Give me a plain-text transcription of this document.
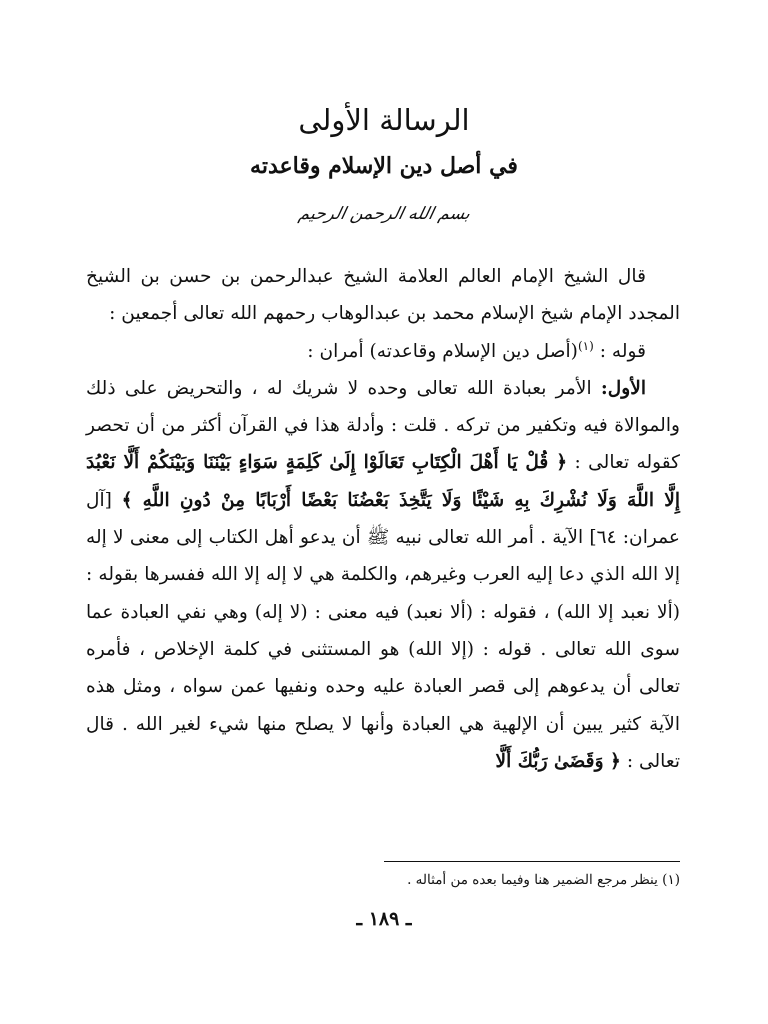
الرسالة الأولى
في أصل دين الإسلام وقاعدته
بسم الله الرحمن الرحيم

قال الشيخ الإمام العالم العلامة الشيخ عبدالرحمن بن حسن بن الشيخ المجدد الإمام شيخ الإسلام محمد بن عبدالوهاب رحمهم الله تعالى أجمعين :

قوله : $^{(١)}$(أصل دين الإسلام وقاعدته) أمران :

الأول: الأمر بعبادة الله تعالى وحده لا شريك له ، والتحريض على ذلك والموالاة فيه وتكفير من تركه . قلت : وأدلة هذا في القرآن أكثر من أن تحصر كقوله تعالى : ﴿ قُلْ يَا أَهْلَ الْكِتَابِ تَعَالَوْا إِلَىٰ كَلِمَةٍ سَوَاءٍ بَيْنَنَا وَبَيْنَكُمْ أَلَّا نَعْبُدَ إِلَّا اللَّهَ وَلَا نُشْرِكَ بِهِ شَيْئًا وَلَا يَتَّخِذَ بَعْضُنَا بَعْضًا أَرْبَابًا مِنْ دُونِ اللَّهِ ﴾ [آل عمران: ٦٤] الآية . أمر الله تعالى نبيه ﷺ أن يدعو أهل الكتاب إلى معنى لا إله إلا الله الذي دعا إليه العرب وغيرهم، والكلمة هي لا إله إلا الله ففسرها بقوله : (ألا نعبد إلا الله) ، فقوله : (ألا نعبد) فيه معنى : (لا إله) وهي نفي العبادة عما سوى الله تعالى . قوله : (إلا الله) هو المستثنى في كلمة الإخلاص ، فأمره تعالى أن يدعوهم إلى قصر العبادة عليه وحده ونفيها عمن سواه ، ومثل هذه الآية كثير يبين أن الإلهية هي العبادة وأنها لا يصلح منها شيء لغير الله . قال تعالى : ﴿ وَقَضَىٰ رَبُّكَ أَلَّا

(١) ينظر مرجع الضمير هنا وفيما بعده من أمثاله .
ـ ١٨٩ ـ
